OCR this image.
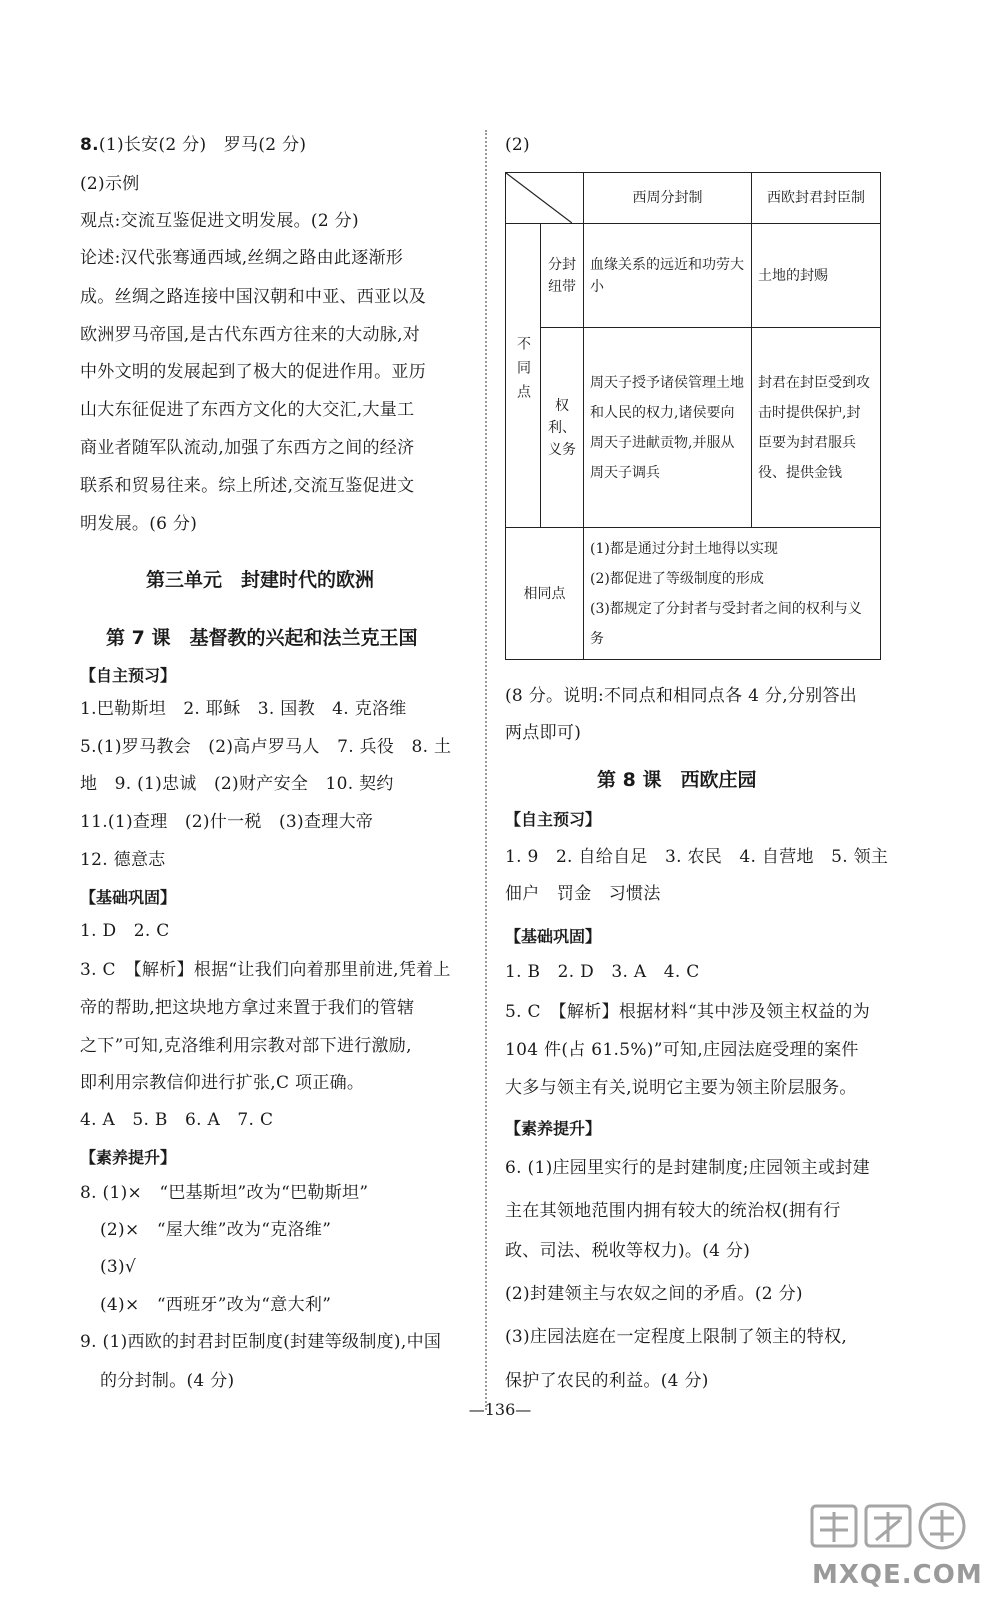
8.(1)长安(2 分)　罗马(2 分)
(2)示例
观点:交流互鉴促进文明发展。(2 分)
论述:汉代张骞通西域,丝绸之路由此逐渐形
成。丝绸之路连接中国汉朝和中亚、西亚以及
欧洲罗马帝国,是古代东西方往来的大动脉,对
中外文明的发展起到了极大的促进作用。亚历
山大东征促进了东西方文化的大交汇,大量工
商业者随军队流动,加强了东西方之间的经济
联系和贸易往来。综上所述,交流互鉴促进文
明发展。(6 分)
第三单元　封建时代的欧洲
第 7 课　基督教的兴起和法兰克王国
【自主预习】
1.巴勒斯坦　2. 耶稣　3. 国教　4. 克洛维
5.(1)罗马教会　(2)高卢罗马人　7. 兵役　8. 土
地　9. (1)忠诚　(2)财产安全　10. 契约
11.(1)查理　(2)什一税　(3)查理大帝
12. 德意志
【基础巩固】
1. D　2. C
3. C　【解析】根据“让我们向着那里前进,凭着上
帝的帮助,把这块地方拿过来置于我们的管辖
之下”可知,克洛维利用宗教对部下进行激励,
即利用宗教信仰进行扩张,C 项正确。
4. A　5. B　6. A　7. C
【素养提升】
8. (1)×　“巴基斯坦”改为“巴勒斯坦”
(2)×　“屋大维”改为“克洛维”
(3)√
(4)×　“西班牙”改为“意大利”
9. (1)西欧的封君封臣制度(封建等级制度),中国
的分封制。(4 分)
(2)
	西周分封制	西欧封君封臣制
不同点	分封纽带	血缘关系的远近和功劳大小	土地的封赐
	权利、义务	周天子授予诸侯管理土地和人民的权力,诸侯要向周天子进献贡物,并服从周天子调兵	封君在封臣受到攻击时提供保护,封臣要为封君服兵役、提供金钱
相同点		(1)都是通过分封土地得以实现
(2)都促进了等级制度的形成
(3)都规定了分封者与受封者之间的权利与义务	
(8 分。说明:不同点和相同点各 4 分,分别答出
两点即可)
第 8 课　西欧庄园
【自主预习】
1. 9　2. 自给自足　3. 农民　4. 自营地　5. 领主
佃户　罚金　习惯法
【基础巩固】
1. B　2. D　3. A　4. C
5. C　【解析】根据材料“其中涉及领主权益的为
104 件(占 61.5%)”可知,庄园法庭受理的案件
大多与领主有关,说明它主要为领主阶层服务。
【素养提升】
6. (1)庄园里实行的是封建制度;庄园领主或封建
主在其领地范围内拥有较大的统治权(拥有行
政、司法、税收等权力)。(4 分)
(2)封建领主与农奴之间的矛盾。(2 分)
(3)庄园法庭在一定程度上限制了领主的特权,
保护了农民的利益。(4 分)
—136—
MXQE.COM
